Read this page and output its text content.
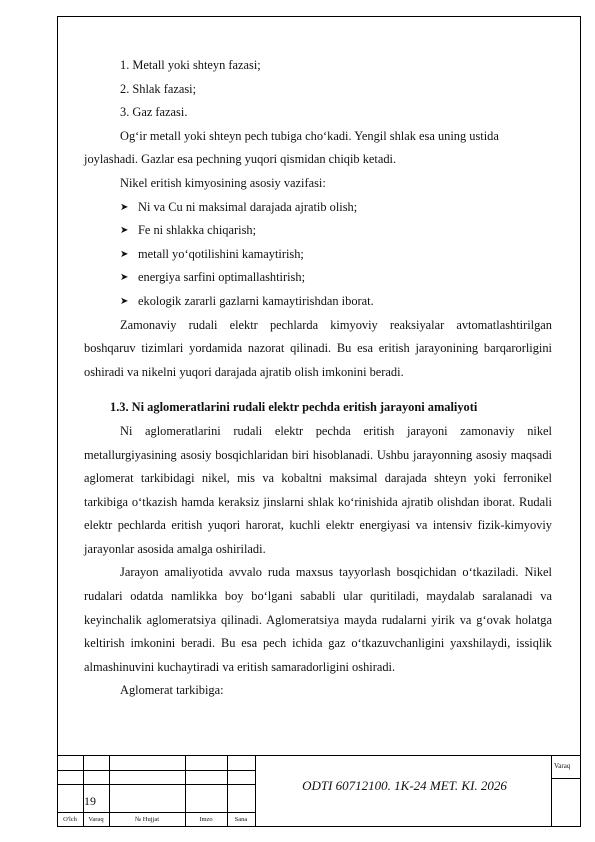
1. Metall yoki shteyn fazasi;
2. Shlak fazasi;
3. Gaz fazasi.
Og‘ir metall yoki shteyn pech tubiga cho‘kadi. Yengil shlak esa uning ustida
joylashadi. Gazlar esa pechning yuqori qismidan chiqib ketadi.
Nikel eritish kimyosining asosiy vazifasi:
➤ Ni va Cu ni maksimal darajada ajratib olish;
➤ Fe ni shlakka chiqarish;
➤ metall yo‘qotilishini kamaytirish;
➤ energiya sarfini optimallashtirish;
➤ ekologik zararli gazlarni kamaytirishdan iborat.

Zamonaviy rudali elektr pechlarda kimyoviy reaksiyalar avtomatlashtirilgan boshqaruv tizimlari yordamida nazorat qilinadi. Bu esa eritish jarayonining barqarorligini oshiradi va nikelni yuqori darajada ajratib olish imkonini beradi.

1.3. Ni aglomeratlarini rudali elektr pechda eritish jarayoni amaliyoti

Ni aglomeratlarini rudali elektr pechda eritish jarayoni zamonaviy nikel metallurgiyasining asosiy bosqichlaridan biri hisoblanadi. Ushbu jarayonning asosiy maqsadi aglomerat tarkibidagi nikel, mis va kobaltni maksimal darajada shteyn yoki ferronikel tarkibiga o‘tkazish hamda keraksiz jinslarni shlak ko‘rinishida ajratib olishdan iborat. Rudali elektr pechlarda eritish yuqori harorat, kuchli elektr energiyasi va intensiv fizik-kimyoviy jarayonlar asosida amalga oshiriladi.

Jarayon amaliyotida avvalo ruda maxsus tayyorlash bosqichidan o‘tkaziladi. Nikel rudalari odatda namlikka boy bo‘lgani sababli ular quritiladi, maydalab saralanadi va keyinchalik aglomeratsiya qilinadi. Aglomeratsiya mayda rudalarni yirik va g‘ovak holatga keltirish imkonini beradi. Bu esa pech ichida gaz o‘tkazuvchanligini yaxshilaydi, issiqlik almashinuvini kuchaytiradi va eritish samaradorligini oshiradi.

Aglomerat tarkibiga:
19
ODTI 60712100. 1K-24 MET. KI. 2026
Varaq
O'lch	Varaq	№ Hujjat	Imzo	Sana
